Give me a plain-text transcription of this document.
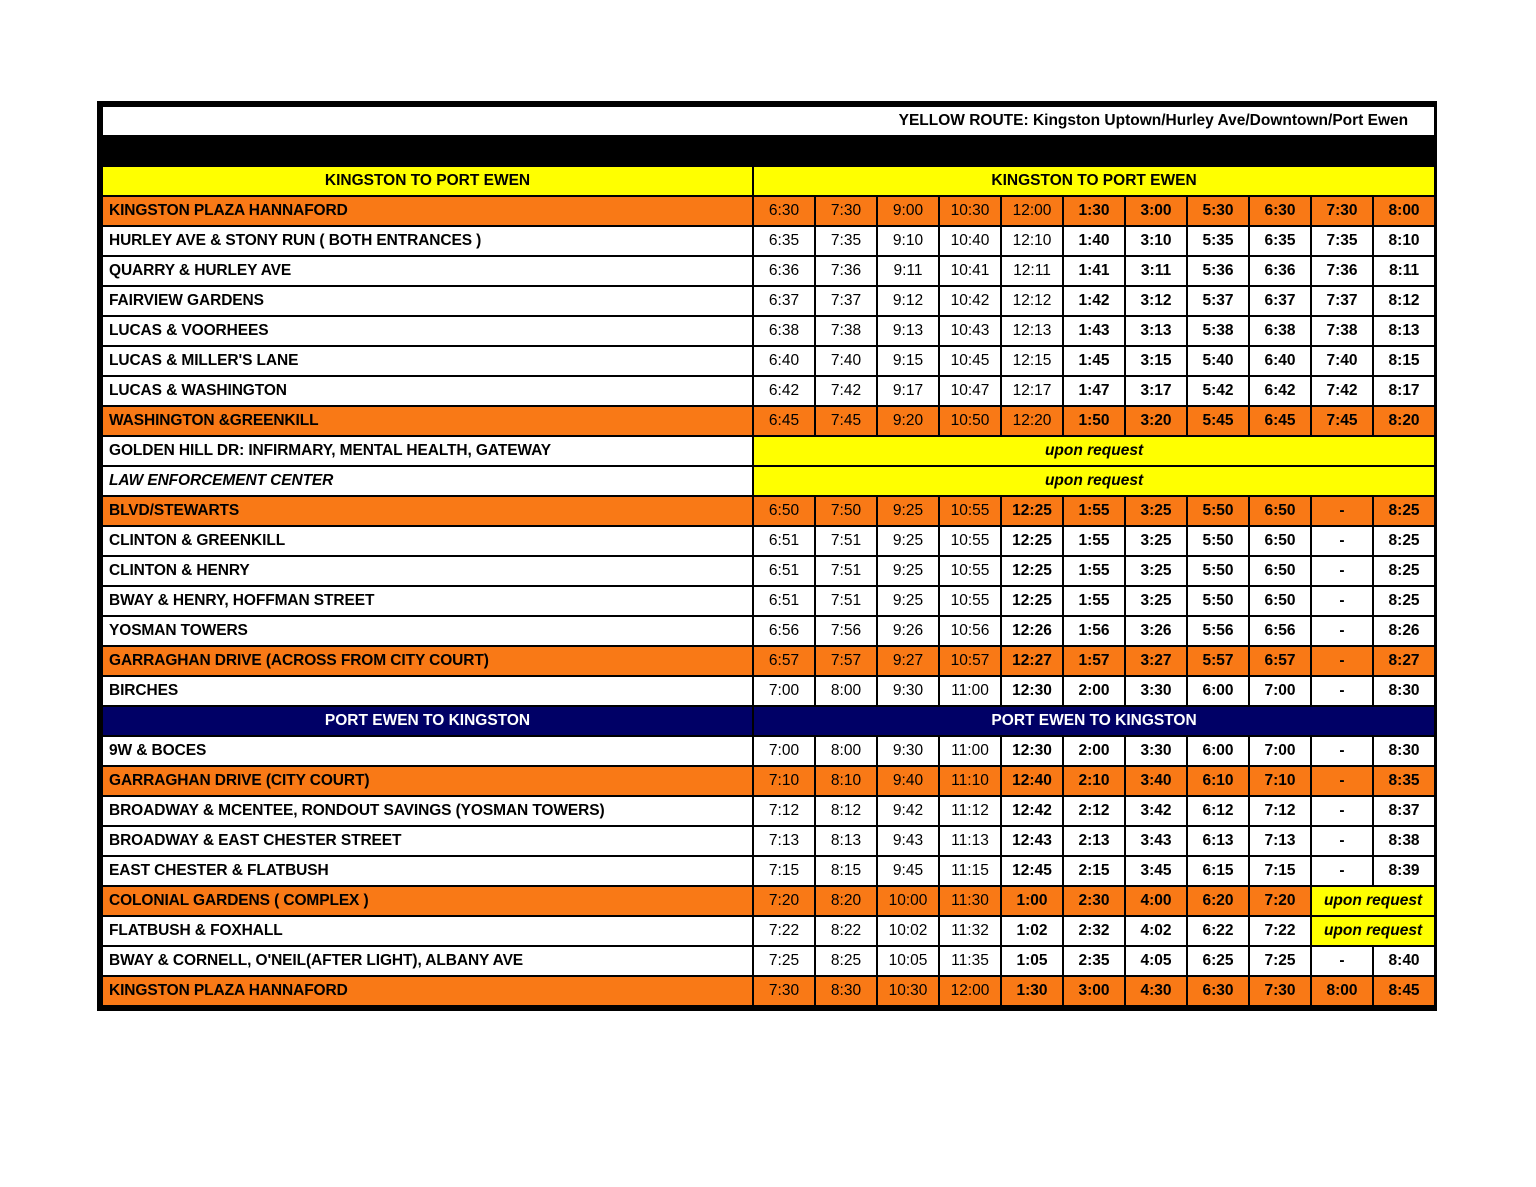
YELLOW ROUTE: Kingston Uptown/Hurley Ave/Downtown/Port Ewen											

KINGSTON TO PORT EWEN	KINGSTON TO PORT EWEN										
KINGSTON PLAZA HANNAFORD	6:30	7:30	9:00	10:30	12:00	1:30	3:00	5:30	6:30	7:30	8:00
HURLEY AVE & STONY RUN ( BOTH ENTRANCES )	6:35	7:35	9:10	10:40	12:10	1:40	3:10	5:35	6:35	7:35	8:10
QUARRY & HURLEY AVE	6:36	7:36	9:11	10:41	12:11	1:41	3:11	5:36	6:36	7:36	8:11
FAIRVIEW GARDENS	6:37	7:37	9:12	10:42	12:12	1:42	3:12	5:37	6:37	7:37	8:12
LUCAS & VOORHEES	6:38	7:38	9:13	10:43	12:13	1:43	3:13	5:38	6:38	7:38	8:13
LUCAS & MILLER'S LANE	6:40	7:40	9:15	10:45	12:15	1:45	3:15	5:40	6:40	7:40	8:15
LUCAS & WASHINGTON	6:42	7:42	9:17	10:47	12:17	1:47	3:17	5:42	6:42	7:42	8:17
WASHINGTON &GREENKILL	6:45	7:45	9:20	10:50	12:20	1:50	3:20	5:45	6:45	7:45	8:20
GOLDEN HILL DR: INFIRMARY, MENTAL HEALTH, GATEWAY	upon request										
LAW ENFORCEMENT CENTER	upon request										
BLVD/STEWARTS	6:50	7:50	9:25	10:55	12:25	1:55	3:25	5:50	6:50	-	8:25
CLINTON & GREENKILL	6:51	7:51	9:25	10:55	12:25	1:55	3:25	5:50	6:50	-	8:25
CLINTON & HENRY	6:51	7:51	9:25	10:55	12:25	1:55	3:25	5:50	6:50	-	8:25
BWAY & HENRY, HOFFMAN STREET	6:51	7:51	9:25	10:55	12:25	1:55	3:25	5:50	6:50	-	8:25
YOSMAN TOWERS	6:56	7:56	9:26	10:56	12:26	1:56	3:26	5:56	6:56	-	8:26
GARRAGHAN DRIVE (ACROSS FROM CITY COURT)	6:57	7:57	9:27	10:57	12:27	1:57	3:27	5:57	6:57	-	8:27
BIRCHES	7:00	8:00	9:30	11:00	12:30	2:00	3:30	6:00	7:00	-	8:30
PORT EWEN TO KINGSTON	PORT EWEN TO KINGSTON										
9W & BOCES	7:00	8:00	9:30	11:00	12:30	2:00	3:30	6:00	7:00	-	8:30
GARRAGHAN DRIVE (CITY COURT)	7:10	8:10	9:40	11:10	12:40	2:10	3:40	6:10	7:10	-	8:35
BROADWAY & MCENTEE, RONDOUT SAVINGS (YOSMAN TOWERS)	7:12	8:12	9:42	11:12	12:42	2:12	3:42	6:12	7:12	-	8:37
BROADWAY & EAST CHESTER STREET	7:13	8:13	9:43	11:13	12:43	2:13	3:43	6:13	7:13	-	8:38
EAST CHESTER & FLATBUSH	7:15	8:15	9:45	11:15	12:45	2:15	3:45	6:15	7:15	-	8:39
COLONIAL GARDENS ( COMPLEX )	7:20	8:20	10:00	11:30	1:00	2:30	4:00	6:20	7:20	upon request	
FLATBUSH & FOXHALL	7:22	8:22	10:02	11:32	1:02	2:32	4:02	6:22	7:22	upon request	
BWAY & CORNELL, O'NEIL(AFTER LIGHT), ALBANY AVE	7:25	8:25	10:05	11:35	1:05	2:35	4:05	6:25	7:25	-	8:40
KINGSTON PLAZA HANNAFORD	7:30	8:30	10:30	12:00	1:30	3:00	4:30	6:30	7:30	8:00	8:45
